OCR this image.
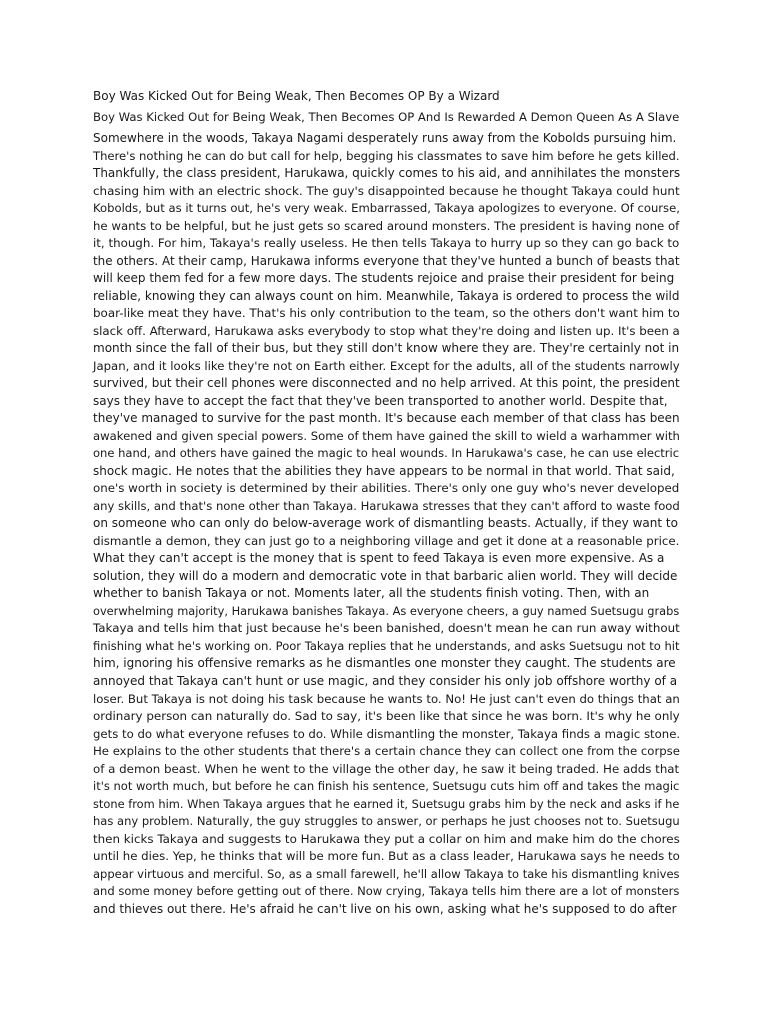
Boy Was Kicked Out for Being Weak, Then Becomes OP By a Wizard

Boy Was Kicked Out for Being Weak, Then Becomes OP And Is Rewarded A Demon Queen As A Slave

Somewhere in the woods, Takaya Nagami desperately runs away from the Kobolds pursuing him.
There's nothing he can do but call for help, begging his classmates to save him before he gets killed.
Thankfully, the class president, Harukawa, quickly comes to his aid, and annihilates the monsters
chasing him with an electric shock. The guy's disappointed because he thought Takaya could hunt
Kobolds, but as it turns out, he's very weak. Embarrassed, Takaya apologizes to everyone. Of course,
he wants to be helpful, but he just gets so scared around monsters. The president is having none of
it, though. For him, Takaya's really useless. He then tells Takaya to hurry up so they can go back to
the others. At their camp, Harukawa informs everyone that they've hunted a bunch of beasts that
will keep them fed for a few more days. The students rejoice and praise their president for being
reliable, knowing they can always count on him. Meanwhile, Takaya is ordered to process the wild
boar-like meat they have. That's his only contribution to the team, so the others don't want him to
slack off. Afterward, Harukawa asks everybody to stop what they're doing and listen up. It's been a
month since the fall of their bus, but they still don't know where they are. They're certainly not in
Japan, and it looks like they're not on Earth either. Except for the adults, all of the students narrowly
survived, but their cell phones were disconnected and no help arrived. At this point, the president
says they have to accept the fact that they've been transported to another world. Despite that,
they've managed to survive for the past month. It's because each member of that class has been
awakened and given special powers. Some of them have gained the skill to wield a warhammer with
one hand, and others have gained the magic to heal wounds. In Harukawa's case, he can use electric
shock magic. He notes that the abilities they have appears to be normal in that world. That said,
one's worth in society is determined by their abilities. There's only one guy who's never developed
any skills, and that's none other than Takaya. Harukawa stresses that they can't afford to waste food
on someone who can only do below-average work of dismantling beasts. Actually, if they want to
dismantle a demon, they can just go to a neighboring village and get it done at a reasonable price.
What they can't accept is the money that is spent to feed Takaya is even more expensive. As a
solution, they will do a modern and democratic vote in that barbaric alien world. They will decide
whether to banish Takaya or not. Moments later, all the students finish voting. Then, with an
overwhelming majority, Harukawa banishes Takaya. As everyone cheers, a guy named Suetsugu grabs
Takaya and tells him that just because he's been banished, doesn't mean he can run away without
finishing what he's working on. Poor Takaya replies that he understands, and asks Suetsugu not to hit
him, ignoring his offensive remarks as he dismantles one monster they caught. The students are
annoyed that Takaya can't hunt or use magic, and they consider his only job offshore worthy of a
loser. But Takaya is not doing his task because he wants to. No! He just can't even do things that an
ordinary person can naturally do. Sad to say, it's been like that since he was born. It's why he only
gets to do what everyone refuses to do. While dismantling the monster, Takaya finds a magic stone.
He explains to the other students that there's a certain chance they can collect one from the corpse
of a demon beast. When he went to the village the other day, he saw it being traded. He adds that
it's not worth much, but before he can finish his sentence, Suetsugu cuts him off and takes the magic
stone from him. When Takaya argues that he earned it, Suetsugu grabs him by the neck and asks if he
has any problem. Naturally, the guy struggles to answer, or perhaps he just chooses not to. Suetsugu
then kicks Takaya and suggests to Harukawa they put a collar on him and make him do the chores
until he dies. Yep, he thinks that will be more fun. But as a class leader, Harukawa says he needs to
appear virtuous and merciful. So, as a small farewell, he'll allow Takaya to take his dismantling knives
and some money before getting out of there. Now crying, Takaya tells him there are a lot of monsters
and thieves out there. He's afraid he can't live on his own, asking what he's supposed to do after
